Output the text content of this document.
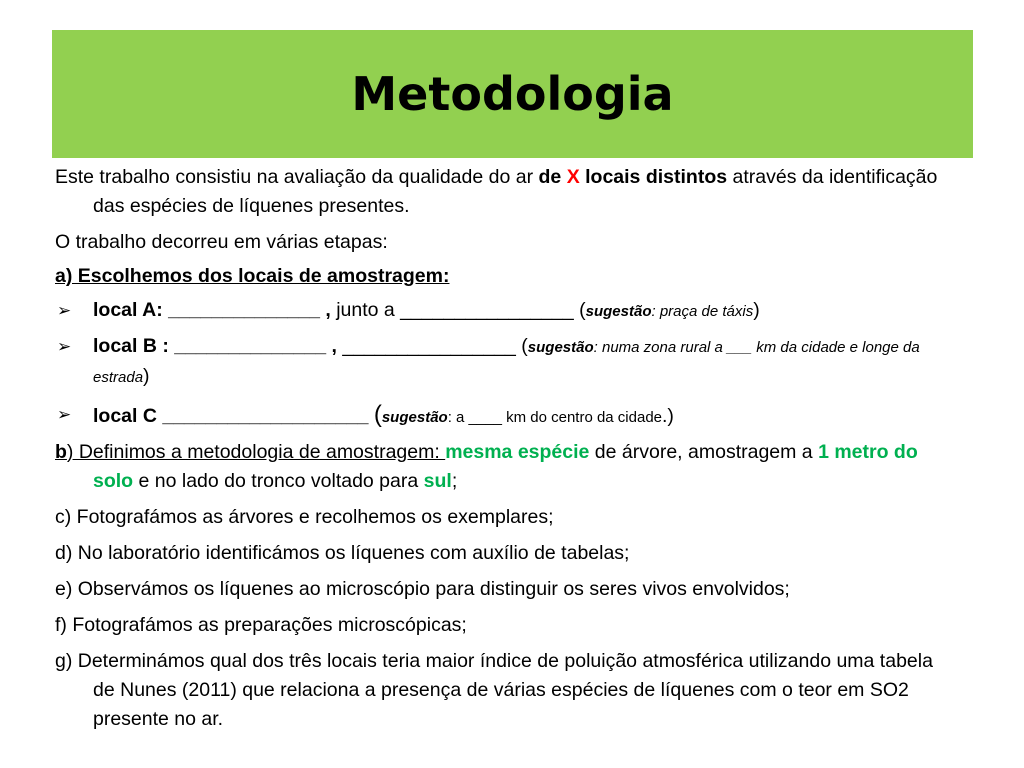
Metodologia

Este trabalho consistiu na avaliação da qualidade do ar de X locais distintos através da identificação das espécies de líquenes presentes.

O trabalho decorreu em várias etapas:

a) Escolhemos dos locais de amostragem:

➢ local A: ______________ , junto a ________________ (sugestão: praça de táxis)
➢ local B : ______________ , ________________ (sugestão: numa zona rural a ___ km da cidade e longe da estrada)
➢ local C ___________________ (sugestão: a ____ km do centro da cidade.)

b) Definimos a metodologia de amostragem: mesma espécie de árvore, amostragem a 1 metro do solo e no lado do tronco voltado para sul;

c) Fotografámos as árvores e recolhemos os exemplares;

d) No laboratório identificámos os líquenes com auxílio de tabelas;

e) Observámos os líquenes ao microscópio para distinguir os seres vivos envolvidos;

f) Fotografámos as preparações microscópicas;

g) Determinámos qual dos três locais teria maior índice de poluição atmosférica utilizando uma tabela de Nunes (2011) que relaciona a presença de várias espécies de líquenes com o teor em SO2 presente no ar.
